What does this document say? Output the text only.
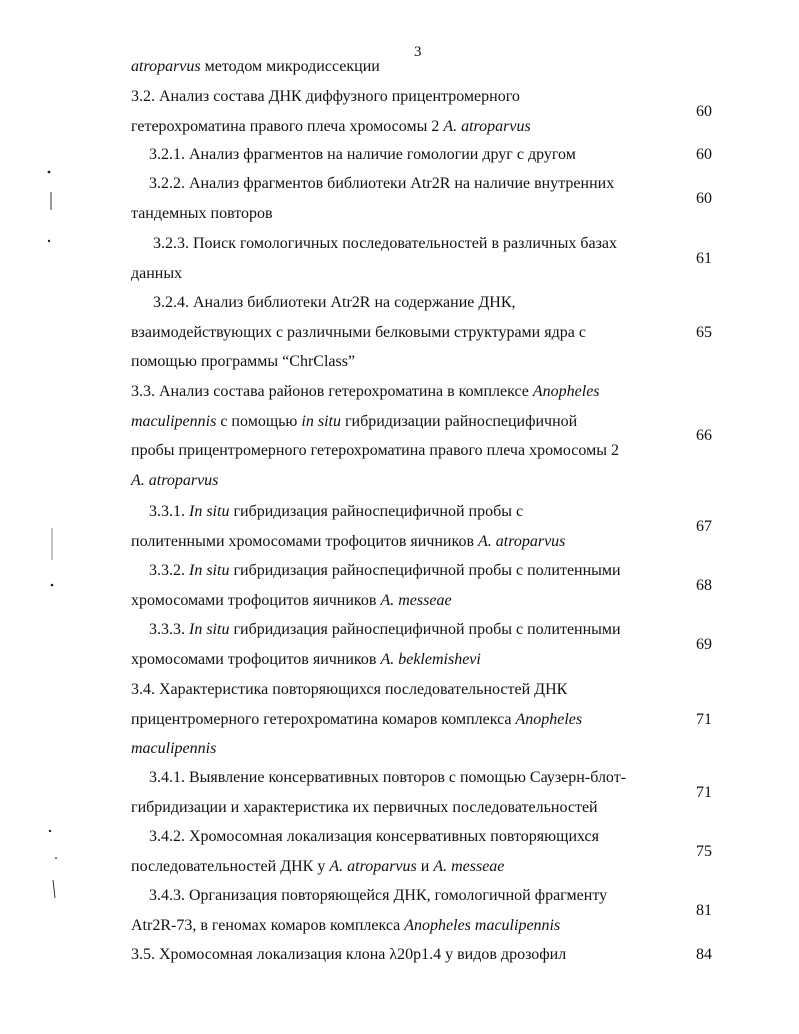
3
atroparvus методом микродиссекции
3.2. Анализ состава ДНК диффузного прицентромерного
гетерохроматина правого плеча хромосомы 2 A. atroparvus
60
3.2.1. Анализ фрагментов на наличие гомологии друг с другом	60
3.2.2. Анализ фрагментов библиотеки Atr2R на наличие внутренних
тандемных повторов
60
3.2.3. Поиск гомологичных последовательностей в различных базах
данных
61
3.2.4. Анализ библиотеки Atr2R на содержание ДНК,
взаимодействующих с различными белковыми структурами ядра с
помощью программы “ChrClass”
65
3.3. Анализ состава районов гетерохроматина в комплексе Anopheles
maculipennis с помощью in situ гибридизации райноспецифичной
пробы прицентромерного гетерохроматина правого плеча хромосомы 2
A. atroparvus
66
3.3.1. In situ гибридизация райноспецифичной пробы с
политенными хромосомами трофоцитов яичников A. atroparvus
67
3.3.2. In situ гибридизация райноспецифичной пробы с политенными
хромосомами трофоцитов яичников A. messeae
68
3.3.3. In situ гибридизация райноспецифичной пробы с политенными
хромосомами трофоцитов яичников A. beklemishevi
69
3.4. Характеристика повторяющихся последовательностей ДНК
прицентромерного гетерохроматина комаров комплекса Anopheles
maculipennis
71
3.4.1. Выявление консервативных повторов с помощью Саузерн-блот-
гибридизации и характеристика их первичных последовательностей
71
3.4.2. Хромосомная локализация консервативных повторяющихся
последовательностей ДНК у A. atroparvus и A. messeae
75
3.4.3. Организация повторяющейся ДНК, гомологичной фрагменту
Atr2R-73, в геномах комаров комплекса Anopheles maculipennis
81
3.5. Хромосомная локализация клона λ20p1.4 у видов дрозофил	84
